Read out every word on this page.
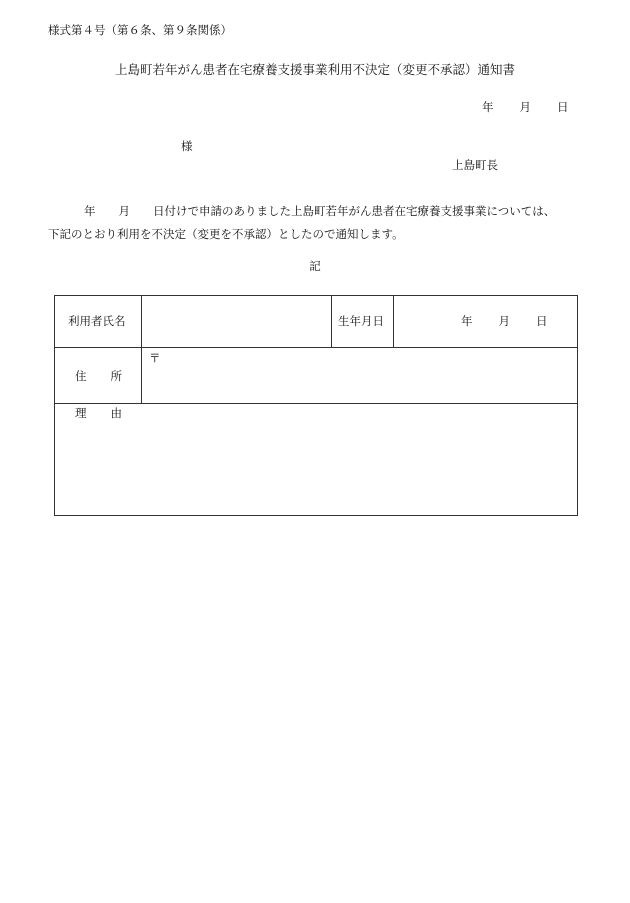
様式第４号（第６条、第９条関係）
上島町若年がん患者在宅療養支援事業利用不決定（変更不承認）通知書
年 月 日
様
上島町長
年　　月　　日付けで申請のありました上島町若年がん患者在宅療養支援事業については、
下記のとおり利用を不決定（変更を不承認）としたので通知します。
記
利用者氏名	生年月日	年 月 日
住 所
〒
理 由
